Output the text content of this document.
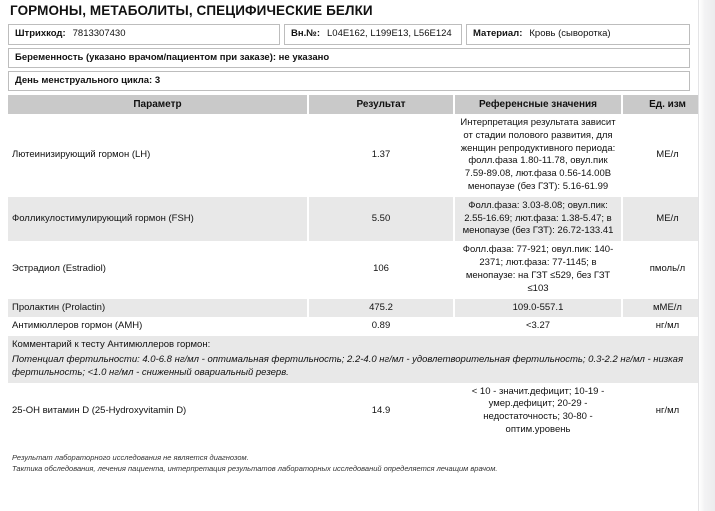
ГОРМОНЫ, МЕТАБОЛИТЫ, СПЕЦИФИЧЕСКИЕ БЕЛКИ
Штрихкод: 7813307430	Вн.№: L04E162, L199E13, L56E124 Материал: Кровь (сыворотка)
Беременность (указано врачом/пациентом при заказе): не указано
День менструального цикла: 3
Параметр	Результат	Референсные значения	Ед. изм
Лютеинизирующий гормон (LH)	1.37	Интерпретация результата зависит от стадии полового развития, для женщин репродуктивного периода: фолл.фаза 1.80-11.78, овул.пик 7.59-89.08, лют.фаза 0.56-14.00В менопаузе (без ГЗТ): 5.16-61.99	МЕ/л
Фолликулостимулирующий гормон (FSH)	5.50	Фолл.фаза: 3.03-8.08; овул.пик: 2.55-16.69; лют.фаза: 1.38-5.47; в менопаузе (без ГЗТ): 26.72-133.41	МЕ/л
Эстрадиол (Estradiol)	106	Фолл.фаза: 77-921; овул.пик: 140-2371; лют.фаза: 77-1145; в менопаузе: на ГЗТ ≤529, без ГЗТ ≤103	пмоль/л
Пролактин (Prolactin)	475.2	109.0-557.1	мМЕ/л
Антимюллеров гормон (AMH)	0.89	<3.27	нг/мл

Комментарий к тесту Антимюллеров гормон:
Потенциал фертильности: 4.0-6.8 нг/мл - оптимальная фертильность; 2.2-4.0 нг/мл - удовлетворительная фертильность; 0.3-2.2 нг/мл - низкая фертильность; <1.0 нг/мл - сниженный овариальный резерв.			

25-ОН витамин D (25-Hydroxyvitamin D)	14.9	< 10 - значит.дефицит; 10-19 - умер.дефицит; 20-29 - недостаточность; 30-80 - оптим.уровень	нг/мл
Результат лабораторного исследования не является диагнозом.
Тактика обследования, лечения пациента, интерпретация результатов лабораторных исследований определяется лечащим врачом.
